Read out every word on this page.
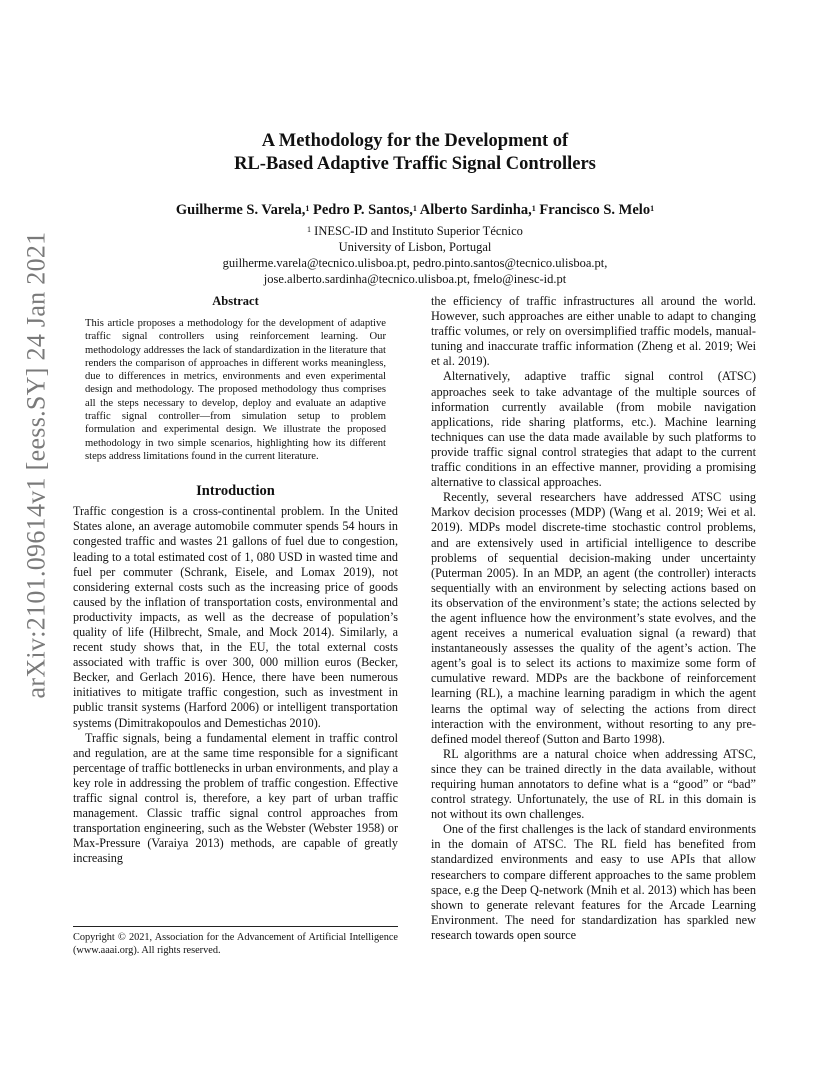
arXiv:2101.09614v1 [eess.SY] 24 Jan 2021
A Methodology for the Development of
RL-Based Adaptive Traffic Signal Controllers
Guilherme S. Varela,$^1$ Pedro P. Santos,$^1$ Alberto Sardinha,$^1$ Francisco S. Melo$^1$
$^1$ INESC-ID and Instituto Superior Técnico
University of Lisbon, Portugal
guilherme.varela@tecnico.ulisboa.pt, pedro.pinto.santos@tecnico.ulisboa.pt,
jose.alberto.sardinha@tecnico.ulisboa.pt, fmelo@inesc-id.pt
Abstract
This article proposes a methodology for the development of adaptive traffic signal controllers using reinforcement learning. Our methodology addresses the lack of standardization in the literature that renders the comparison of approaches in different works meaningless, due to differences in metrics, environments and even experimental design and methodology. The proposed methodology thus comprises all the steps necessary to develop, deploy and evaluate an adaptive traffic signal controller—from simulation setup to problem formulation and experimental design. We illustrate the proposed methodology in two simple scenarios, highlighting how its different steps address limitations found in the current literature.
Introduction

Traffic congestion is a cross-continental problem. In the United States alone, an average automobile commuter spends 54 hours in congested traffic and wastes 21 gallons of fuel due to congestion, leading to a total estimated cost of 1, 080 USD in wasted time and fuel per commuter (Schrank, Eisele, and Lomax 2019), not considering external costs such as the increasing price of goods caused by the inflation of transportation costs, environmental and productivity impacts, as well as the decrease of population’s quality of life (Hilbrecht, Smale, and Mock 2014). Similarly, a recent study shows that, in the EU, the total external costs associated with traffic is over 300, 000 million euros (Becker, Becker, and Gerlach 2016). Hence, there have been numerous initiatives to mitigate traffic congestion, such as investment in public transit systems (Harford 2006) or intelligent transportation systems (Dimitrakopoulos and Demestichas 2010).

Traffic signals, being a fundamental element in traffic control and regulation, are at the same time responsible for a significant percentage of traffic bottlenecks in urban environments, and play a key role in addressing the problem of traffic congestion. Effective traffic signal control is, therefore, a key part of urban traffic management. Classic traffic signal control approaches from transportation engineering, such as the Webster (Webster 1958) or Max-Pressure (Varaiya 2013) methods, are capable of greatly increasing

Copyright © 2021, Association for the Advancement of Artificial Intelligence (www.aaai.org). All rights reserved.

the efficiency of traffic infrastructures all around the world. However, such approaches are either unable to adapt to changing traffic volumes, or rely on oversimplified traffic models, manual-tuning and inaccurate traffic information (Zheng et al. 2019; Wei et al. 2019).

Alternatively, adaptive traffic signal control (ATSC) approaches seek to take advantage of the multiple sources of information currently available (from mobile navigation applications, ride sharing platforms, etc.). Machine learning techniques can use the data made available by such platforms to provide traffic signal control strategies that adapt to the current traffic conditions in an effective manner, providing a promising alternative to classical approaches.

Recently, several researchers have addressed ATSC using Markov decision processes (MDP) (Wang et al. 2019; Wei et al. 2019). MDPs model discrete-time stochastic control problems, and are extensively used in artificial intelligence to describe problems of sequential decision-making under uncertainty (Puterman 2005). In an MDP, an agent (the controller) interacts sequentially with an environment by selecting actions based on its observation of the environment’s state; the actions selected by the agent influence how the environment’s state evolves, and the agent receives a numerical evaluation signal (a reward) that instantaneously assesses the quality of the agent’s action. The agent’s goal is to select its actions to maximize some form of cumulative reward. MDPs are the backbone of reinforcement learning (RL), a machine learning paradigm in which the agent learns the optimal way of selecting the actions from direct interaction with the environment, without resorting to any pre-defined model thereof (Sutton and Barto 1998).

RL algorithms are a natural choice when addressing ATSC, since they can be trained directly in the data available, without requiring human annotators to define what is a “good” or “bad” control strategy. Unfortunately, the use of RL in this domain is not without its own challenges.

One of the first challenges is the lack of standard environments in the domain of ATSC. The RL field has benefited from standardized environments and easy to use APIs that allow researchers to compare different approaches to the same problem space, e.g the Deep Q-network (Mnih et al. 2013) which has been shown to generate relevant features for the Arcade Learning Environment. The need for standardization has sparkled new research towards open source
